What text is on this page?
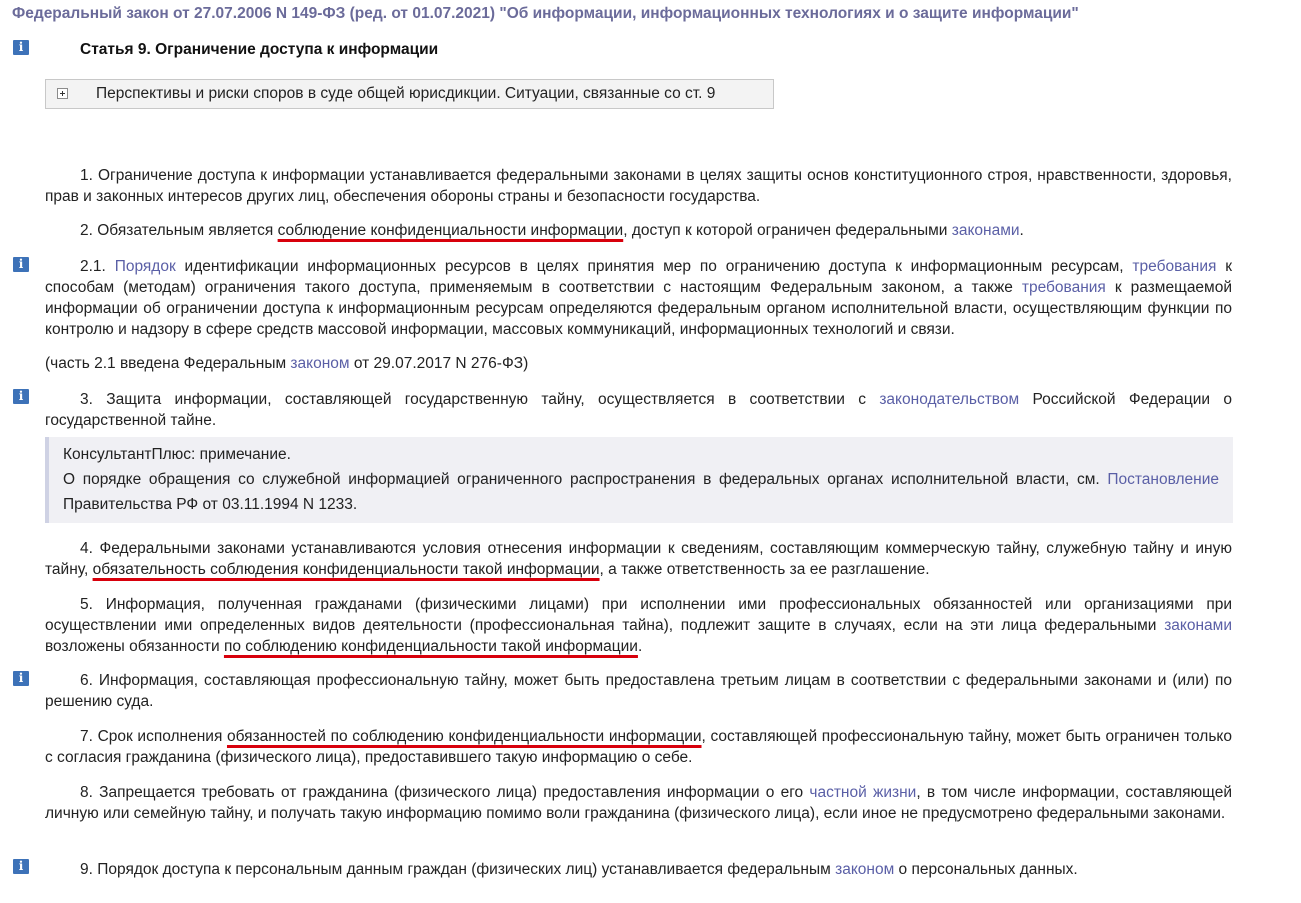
Федеральный закон от 27.07.2006 N 149-ФЗ (ред. от 01.07.2021) "Об информации, информационных технологиях и о защите информации"
i	Статья 9. Ограничение доступа к информации
Перспективы и риски споров в суде общей юрисдикции. Ситуации, связанные со ст. 9
1. Ограничение доступа к информации устанавливается федеральными законами в целях защиты основ конституционного строя, нравственности, здоровья, прав и законных интересов других лиц, обеспечения обороны страны и безопасности государства.
2. Обязательным является соблюдение конфиденциальности информации, доступ к которой ограничен федеральными законами.
i	2.1. Порядок идентификации информационных ресурсов в целях принятия мер по ограничению доступа к информационным ресурсам, требования к способам (методам) ограничения такого доступа, применяемым в соответствии с настоящим Федеральным законом, а также требования к размещаемой информации об ограничении доступа к информационным ресурсам определяются федеральным органом исполнительной власти, осуществляющим функции по контролю и надзору в сфере средств массовой информации, массовых коммуникаций, информационных технологий и связи.
(часть 2.1 введена Федеральным законом от 29.07.2017 N 276-ФЗ)
i	3. Защита информации, составляющей государственную тайну, осуществляется в соответствии с законодательством Российской Федерации о государственной тайне.
КонсультантПлюс: примечание.
О порядке обращения со служебной информацией ограниченного распространения в федеральных органах исполнительной власти, см. Постановление Правительства РФ от 03.11.1994 N 1233.
4. Федеральными законами устанавливаются условия отнесения информации к сведениям, составляющим коммерческую тайну, служебную тайну и иную тайну, обязательность соблюдения конфиденциальности такой информации, а также ответственность за ее разглашение.
5. Информация, полученная гражданами (физическими лицами) при исполнении ими профессиональных обязанностей или организациями при осуществлении ими определенных видов деятельности (профессиональная тайна), подлежит защите в случаях, если на эти лица федеральными законами возложены обязанности по соблюдению конфиденциальности такой информации.
i	6. Информация, составляющая профессиональную тайну, может быть предоставлена третьим лицам в соответствии с федеральными законами и (или) по решению суда.
7. Срок исполнения обязанностей по соблюдению конфиденциальности информации, составляющей профессиональную тайну, может быть ограничен только с согласия гражданина (физического лица), предоставившего такую информацию о себе.
8. Запрещается требовать от гражданина (физического лица) предоставления информации о его частной жизни, в том числе информации, составляющей личную или семейную тайну, и получать такую информацию помимо воли гражданина (физического лица), если иное не предусмотрено федеральными законами.
i	9. Порядок доступа к персональным данным граждан (физических лиц) устанавливается федеральным законом о персональных данных.
